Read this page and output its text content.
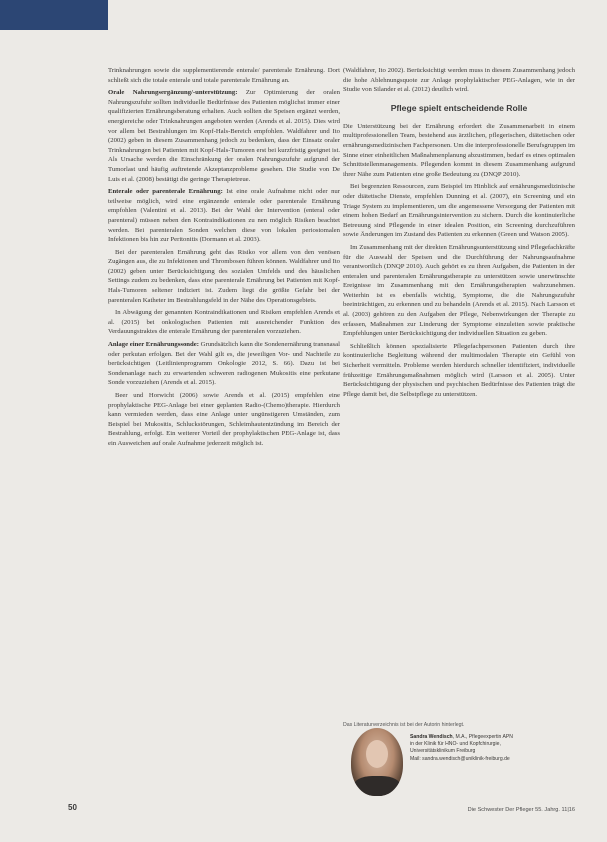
Trinknahrungen sowie die supplementierende enterale/ parenterale Ernährung. Dort schließt sich die totale enterale und totale parenterale Ernährung an.

Orale Nahrungsergänzung/-unterstützung: Zur Optimierung der oralen Nahrungszufuhr sollten individuelle Bedürfnisse des Patienten möglichst immer einer qualifizierten Ernährungsberatung erhalten. Auch sollten die Speisen ergänzt werden, energiereiche oder Trinknahrungen angeboten werden (Arends et al. 2015). Dies wird vor allem bei Bestrahlungen im Kopf-Hals-Bereich empfohlen. Waldfahrer und Ito (2002) geben in diesem Zusammenhang jedoch zu bedenken, dass der Einsatz oraler Trinknahrungen bei Patienten mit Kopf-Hals-Tumoren erst bei kurzfristig geeignet ist. Als Ursache werden die Einschränkung der oralen Nahrungszufuhr aufgrund der Tumorlast und häufig auftretende Akzeptanzprobleme gesehen. Die Studie von De Luis et al. (2008) bestätigt die geringe Therapietreue.

Enterale oder parenterale Ernährung: Ist eine orale Aufnahme nicht oder nur teilweise möglich, wird eine ergänzende enterale oder parenterale Ernährung empfohlen (Valentini et al. 2013). Bei der Wahl der Intervention (enteral oder parenteral) müssen neben den Kontraindikationen zu nen möglich Risiken beachtet werden. Bei parenteralen Sonden welchen diese von lokalen periostomalen Infektionen bis hin zur Peritonitis (Dormann et al. 2003).

Bei der parenteralen Ernährung geht das Risiko vor allem von den venösen Zugängen aus, die zu Infektionen und Thrombosen führen können. Waldfahrer und Ito (2002) geben unter Berücksichtigung des sozialen Umfelds und des häuslichen Settings zudem zu bedenken, dass eine parenterale Ernährung bei Patienten mit Kopf-Hals-Tumoren seltener indiziert ist. Zudem liegt die größte Gefahr bei der parenteralen Katheter im Bestrahlungsfeld in der Nähe des Operationsgebiets.

In Abwägung der genannten Kontraindikationen und Risiken empfehlen Arends et al. (2015) bei onkologischen Patienten mit ausreichender Funktion des Verdauungstraktes die enterale Ernährung der parenteralen vorzuziehen.

Anlage einer Ernährungssonde: Grundsätzlich kann die Sondenernährung transnasal oder perkutan erfolgen. Bei der Wahl gilt es, die jeweiligen Vor- und Nachteile zu berücksichtigen (Leitlinienprogramm Onkologie 2012, S. 66). Dazu ist bei Sondenanlage nach zu erwartenden schweren radiogenen Mukositis eine perkutane Sonde vorzuziehen (Arends et al. 2015).

Beer und Horwicht (2006) sowie Arends et al. (2015) empfehlen eine prophylaktische PEG-Anlage bei einer geplanten Radio-(Chemo)therapie. Hierdurch kann vermieden werden, dass eine Anlage unter ungünstigeren Umständen, zum Beispiel bei Mukositis, Schluckstörungen, Schleimhautentzündung im Bereich der Bestrahlung, erfolgt. Ein weiterer Vorteil der prophylaktischen PEG-Anlage ist, dass ein Ausweichen auf orale Aufnahme jederzeit möglich ist.

(Waldfahrer, Ito 2002). Berücksichtigt werden muss in diesem Zusammenhang jedoch die hohe Ablehnungsquote zur Anlage prophylaktischer PEG-Anlagen, wie in der Studie von Silander et al. (2012) deutlich wird.

Pflege spielt entscheidende Rolle

Die Unterstützung bei der Ernährung erfordert die Zusammenarbeit in einem multiprofessionellen Team, bestehend aus ärztlichen, pflegerischen, diätetischen oder ernährungsmedizinischen Fachpersonen. Um die interprofessionelle Berufsgruppen im Sinne einer einheitlichen Maßnahmenplanung abzustimmen, bedarf es eines optimalen Schnittstellenmanagements. Pflegenden kommt in diesem Zusammenhang aufgrund ihrer Nähe zum Patienten eine große Bedeutung zu (DNQP 2010).

Bei begrenzten Ressourcen, zum Beispiel im Hinblick auf ernährungsmedizinische oder diätetische Dienste, empfehlen Dunning et al. (2007), ein Screening und ein Triage System zu implementieren, um die angemessene Versorgung der Patienten mit einem hohen Bedarf an Ernährungsintervention zu sichern. Durch die kontinuierliche Betreuung sind Pflegende in einer idealen Position, ein Screening durchzuführen sowie Änderungen im Zustand des Patienten zu erkennen (Green und Watson 2005).

Im Zusammenhang mit der direkten Ernährungsunterstützung sind Pflegefachkräfte für die Auswahl der Speisen und die Durchführung der Nahrungsaufnahme verantwortlich (DNQP 2010). Auch gehört es zu ihren Aufgaben, die Patienten in der enteralen und parenteralen Ernährungstherapie zu unterstützen sowie unerwünschte Ereignisse im Zusammenhang mit den Ernährungstherapien wahrzunehmen. Weiterhin ist es ebenfalls wichtig, Symptome, die die Nahrungszufuhr beeinträchtigen, zu erkennen und zu behandeln (Arends et al. 2015). Nach Larsson et al. (2003) gehören zu den Aufgaben der Pflege, Nebenwirkungen der Therapie zu erfassen, Maßnahmen zur Linderung der Symptome einzuleiten sowie praktische Empfehlungen unter Berücksichtigung der individuellen Situation zu geben.

Schließlich können spezialisierte Pflegefachpersonen Patienten durch ihre kontinuierliche Begleitung während der multimodalen Therapie ein Gefühl von Sicherheit vermitteln. Probleme werden hierdurch schneller identifiziert, individuelle frühzeitige Ernährungsmaßnahmen möglich wird (Larsson et al. 2005). Unter Berücksichtigung der physischen und psychischen Bedürfnisse des Patienten trägt die Pflege damit bei, die Selbstpflege zu unterstützen.

Das Literaturverzeichnis ist bei der Autorin hinterlegt.
Sandra Wendisch, M.A., Pflegeexpertin APN
in der Klinik für HNO- und Kopfchirurgie,
Universitätsklinikum Freiburg
Mail: sandra.wendisch@uniklinik-freiburg.de
50	Die Schwester Der Pfleger 55. Jahrg. 11|16
